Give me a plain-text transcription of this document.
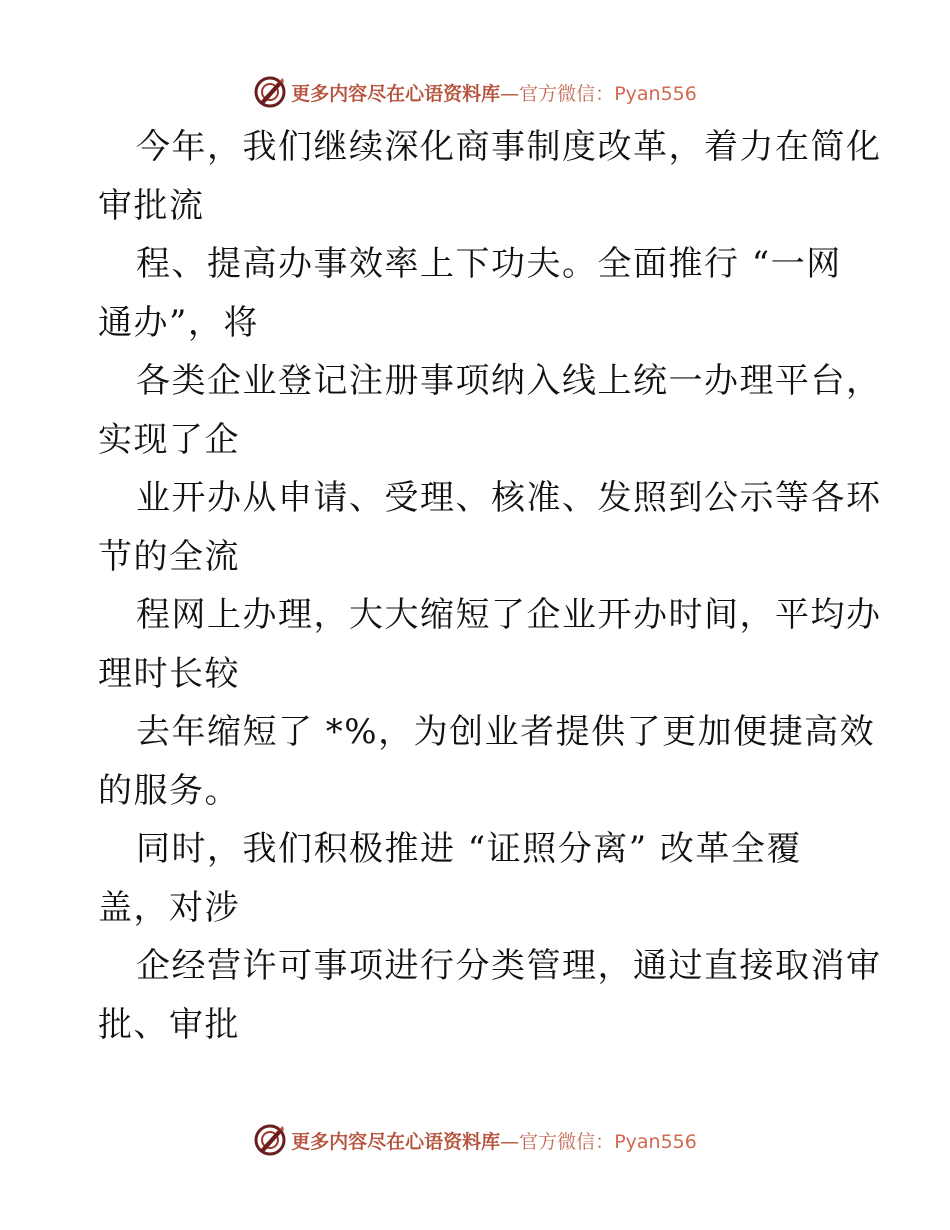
更多内容尽在心语资料库—官方微信：Pyan556
今年，我们继续深化商事制度改革，着力在简化
审批流
程、提高办事效率上下功夫。全面推行 “一网
通办”，将
各类企业登记注册事项纳入线上统一办理平台，
实现了企
业开办从申请、受理、核准、发照到公示等各环
节的全流
程网上办理，大大缩短了企业开办时间，平均办
理时长较
去年缩短了 *%，为创业者提供了更加便捷高效
的服务。
同时，我们积极推进 “证照分离” 改革全覆
盖，对涉
企经营许可事项进行分类管理，通过直接取消审
批、审批
更多内容尽在心语资料库—官方微信：Pyan556
